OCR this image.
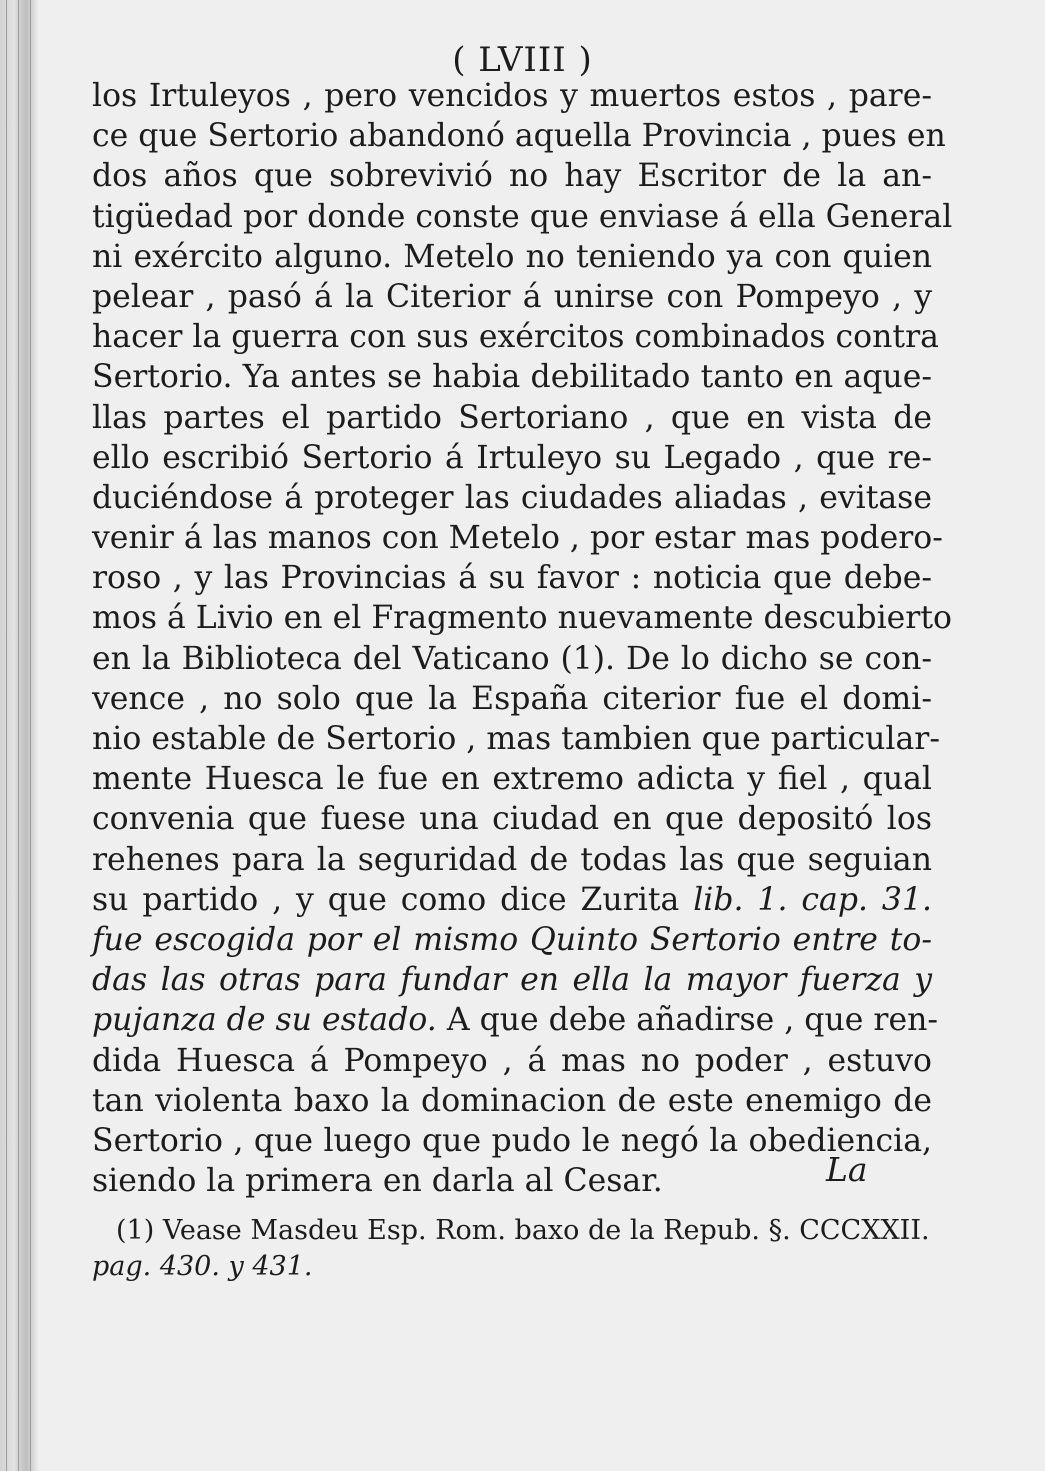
( LVIII )
los Irtuleyos , pero vencidos y muertos estos , pare-
ce que Sertorio abandonó aquella Provincia , pues en
dos años que sobrevivió no hay Escritor de la an-
tigüedad por donde conste que enviase á ella General
ni exército alguno. Metelo no teniendo ya con quien
pelear , pasó á la Citerior á unirse con Pompeyo , y
hacer la guerra con sus exércitos combinados contra
Sertorio. Ya antes se habia debilitado tanto en aque-
llas partes el partido Sertoriano , que en vista de
ello escribió Sertorio á Irtuleyo su Legado , que re-
duciéndose á proteger las ciudades aliadas , evitase
venir á las manos con Metelo , por estar mas podero-
roso , y las Provincias á su favor : noticia que debe-
mos á Livio en el Fragmento nuevamente descubierto
en la Biblioteca del Vaticano (1). De lo dicho se con-
vence , no solo que la España citerior fue el domi-
nio estable de Sertorio , mas tambien que particular-
mente Huesca le fue en extremo adicta y fiel , qual
convenia que fuese una ciudad en que depositó los
rehenes para la seguridad de todas las que seguian
su partido , y que como dice Zurita lib. 1. cap. 31.
fue escogida por el mismo Quinto Sertorio entre to-
das las otras para fundar en ella la mayor fuerza y
pujanza de su estado. A que debe añadirse , que ren-
dida Huesca á Pompeyo , á mas no poder , estuvo
tan violenta baxo la dominacion de este enemigo de
Sertorio , que luego que pudo le negó la obediencia,
siendo la primera en darla al Cesar.	La
(1) Vease Masdeu Esp. Rom. baxo de la Repub. §. CCCXXII.
pag. 430. y 431.
